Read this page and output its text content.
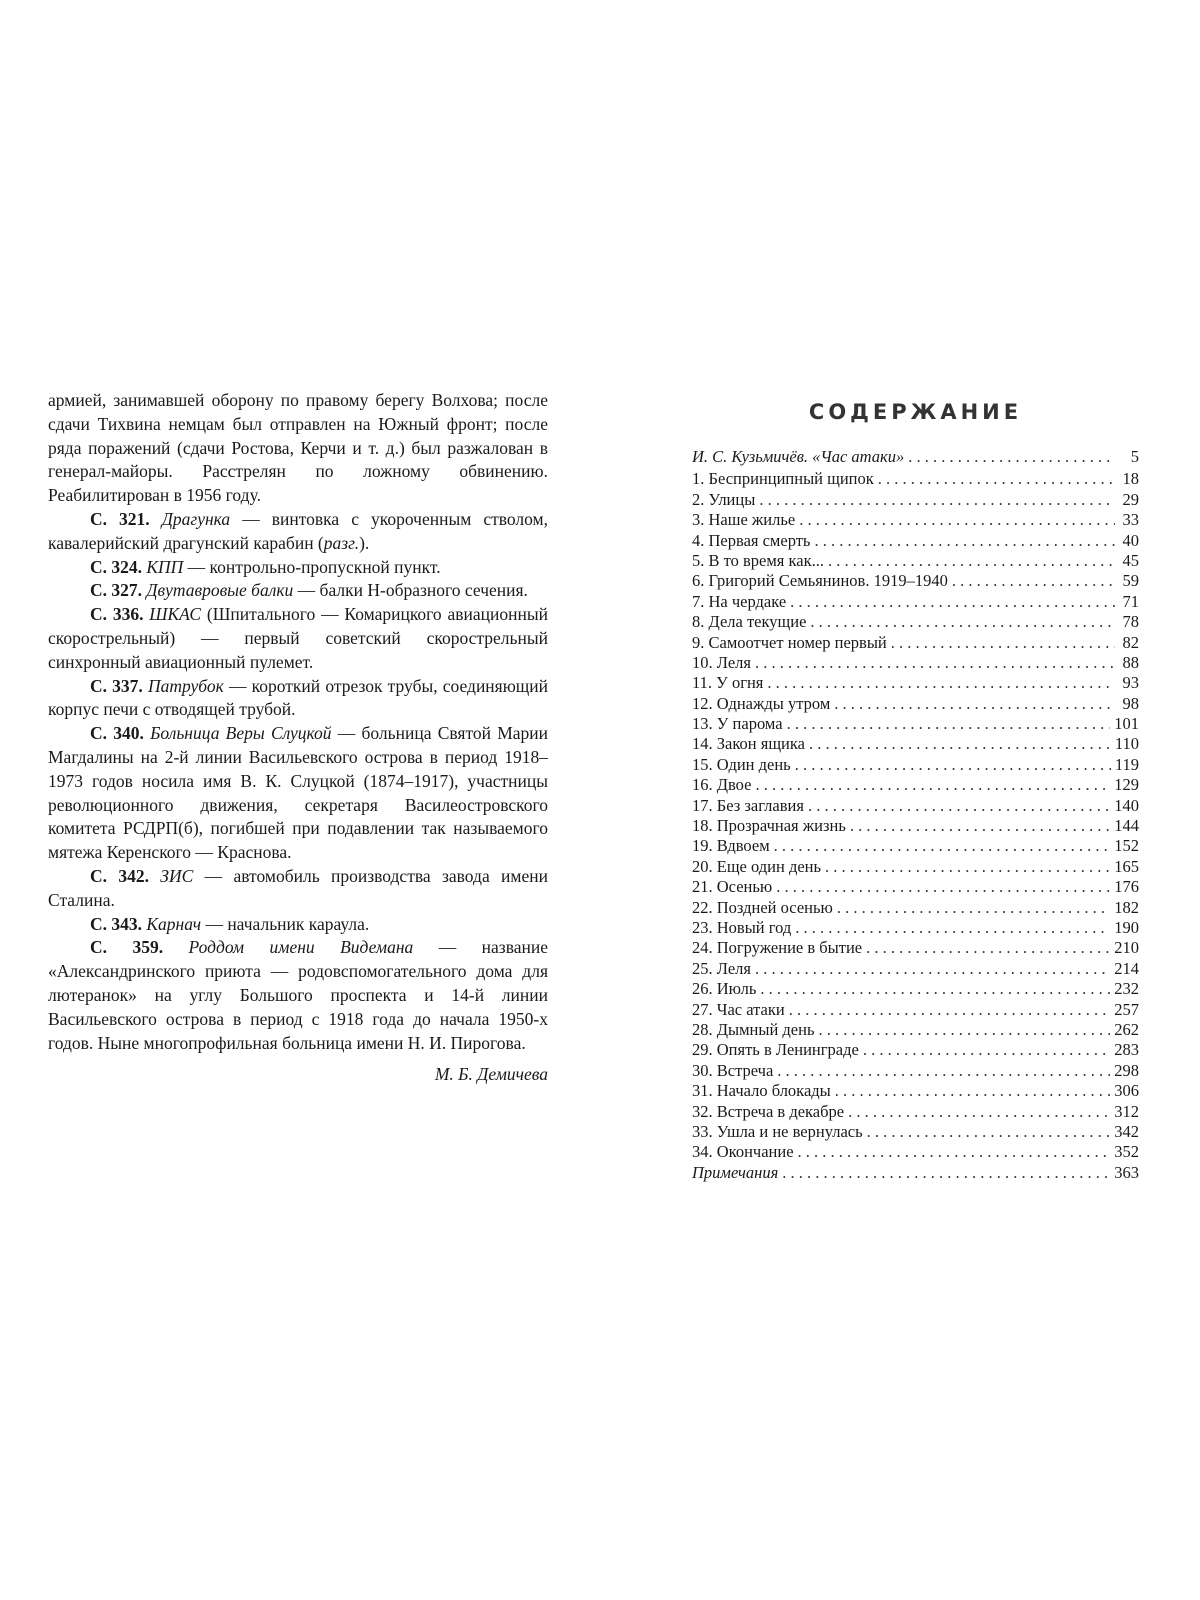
армией, занимавшей оборону по правому берегу Волхова; после сдачи Тихвина немцам был отправлен на Южный фронт; после ряда поражений (сдачи Ростова, Керчи и т. д.) был разжалован в генерал-майоры. Расстрелян по ложному обвинению. Реабилитирован в 1956 году.

С. 321. Драгунка — винтовка с укороченным стволом, кавалерийский драгунский карабин (разг.).

С. 324. КПП — контрольно-пропускной пункт.

С. 327. Двутавровые балки — балки Н-образного сечения.

С. 336. ШКАС (Шпитального — Комарицкого авиационный скорострельный) — первый советский скорострельный синхронный авиационный пулемет.

С. 337. Патрубок — короткий отрезок трубы, соединяющий корпус печи с отводящей трубой.

С. 340. Больница Веры Слуцкой — больница Святой Марии Магдалины на 2-й линии Васильевского острова в период 1918–1973 годов носила имя В. К. Слуцкой (1874–1917), участницы революционного движения, секретаря Василеостровского комитета РСДРП(б), погибшей при подавлении так называемого мятежа Керенского — Краснова.

С. 342. ЗИС — автомобиль производства завода имени Сталина.

С. 343. Карнач — начальник караула.

С. 359. Роддом имени Видемана — название «Александринского приюта — родовспомогательного дома для лютеранок» на углу Большого проспекта и 14-й линии Васильевского острова в период с 1918 года до начала 1950-х годов. Ныне многопрофильная больница имени Н. И. Пирогова.

М. Б. Демичева
СОДЕРЖАНИЕ
И. С. Кузьмичёв. «Час атаки» . . .	5
1. Беспринципный щипок . . .	18
2. Улицы . . .	29
3. Наше жилье . . .	33
4. Первая смерть . . .	40
5. В то время как... . . .	45
6. Григорий Семьянинов. 1919–1940 . . .	59
7. На чердаке . . .	71
8. Дела текущие . . .	78
9. Самоотчет номер первый . . .	82
10. Леля . . .	88
11. У огня . . .	93
12. Однажды утром . . .	98
13. У парома . . .	101
14. Закон ящика . . .	110
15. Один день . . .	119
16. Двое . . .	129
17. Без заглавия . . .	140
18. Прозрачная жизнь . . .	144
19. Вдвоем . . .	152
20. Еще один день . . .	165
21. Осенью . . .	176
22. Поздней осенью . . .	182
23. Новый год . . .	190
24. Погружение в бытие . . .	210
25. Леля . . .	214
26. Июль . . .	232
27. Час атаки . . .	257
28. Дымный день . . .	262
29. Опять в Ленинграде . . .	283
30. Встреча . . .	298
31. Начало блокады . . .	306
32. Встреча в декабре . . .	312
33. Ушла и не вернулась . . .	342
34. Окончание . . .	352
Примечания . . .	363
